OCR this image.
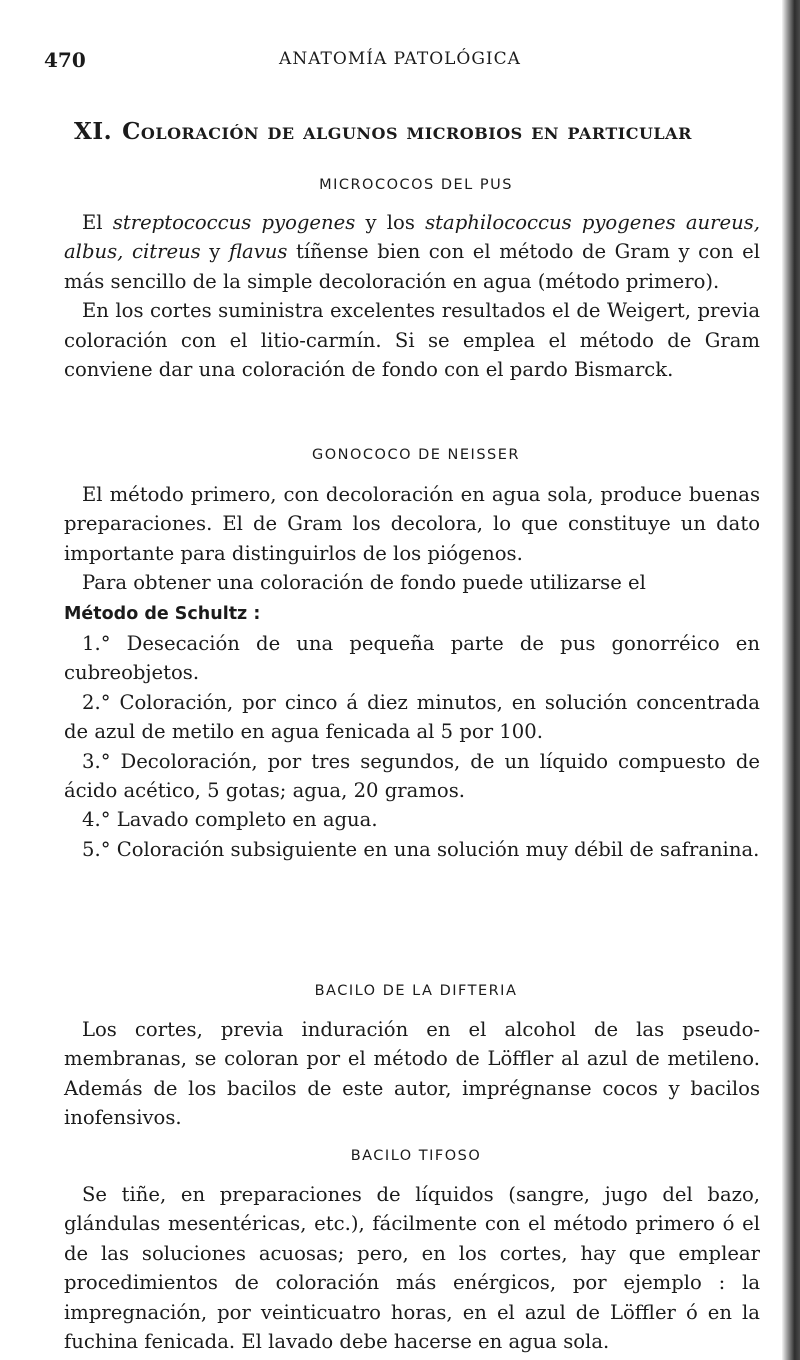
470	ANATOMÍA PATOLÓGICA
XI. Coloración de algunos microbios en particular
MICROCOCOS DEL PUS

El streptococcus pyogenes y los staphilococcus pyogenes aureus, albus, citreus y flavus tíñense bien con el método de Gram y con el más sencillo de la simple decoloración en agua (método primero).

En los cortes suministra excelentes resultados el de Weigert, previa coloración con el litio-carmín. Si se emplea el método de Gram conviene dar una coloración de fondo con el pardo Bismarck.

GONOCOCO DE NEISSER

El método primero, con decoloración en agua sola, produce buenas preparaciones. El de Gram los decolora, lo que constituye un dato importante para distinguirlos de los piógenos.

Para obtener una coloración de fondo puede utilizarse el

Método de Schultz :

1.° Desecación de una pequeña parte de pus gonorréico en cubreobjetos.

2.° Coloración, por cinco á diez minutos, en solución concentrada de azul de metilo en agua fenicada al 5 por 100.

3.° Decoloración, por tres segundos, de un líquido compuesto de ácido acético, 5 gotas; agua, 20 gramos.

4.° Lavado completo en agua.

5.° Coloración subsiguiente en una solución muy débil de safranina.

BACILO DE LA DIFTERIA

Los cortes, previa induración en el alcohol de las pseudo-membranas, se coloran por el método de Löffler al azul de metileno. Además de los bacilos de este autor, imprégnanse cocos y bacilos inofensivos.

BACILO TIFOSO

Se tiñe, en preparaciones de líquidos (sangre, jugo del bazo, glándulas mesentéricas, etc.), fácilmente con el método primero ó el de las soluciones acuosas; pero, en los cortes, hay que emplear procedimientos de coloración más enérgicos, por ejemplo : la impregnación, por veinticuatro horas, en el azul de Löffler ó en la fuchina fenicada. El lavado debe hacerse en agua sola.
